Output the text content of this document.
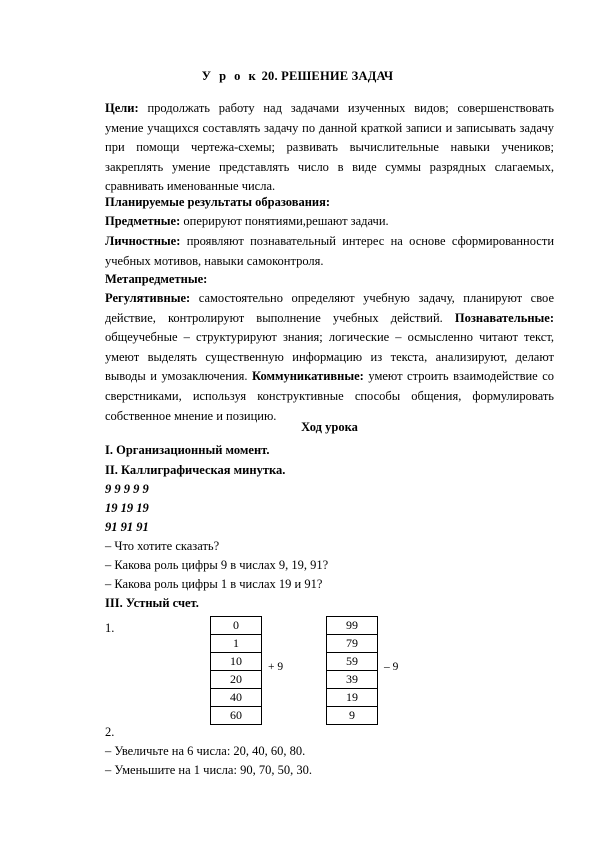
У р о к 20. РЕШЕНИЕ ЗАДАЧ
Цели: продолжать работу над задачами изученных видов; совершенствовать умение учащихся составлять задачу по данной краткой записи и записывать задачу при помощи чертежа-схемы; развивать вычислительные навыки учеников; закреплять умение представлять число в виде суммы разрядных слагаемых, сравнивать именованные числа.
Планируемые результаты образования:
Предметные: оперируют понятиями,решают задачи.
Личностные: проявляют познавательный интерес на основе сформированности учебных мотивов, навыки самоконтроля.
Метапредметные:
Регулятивные: самостоятельно определяют учебную задачу, планируют свое действие, контролируют выполнение учебных действий. Познавательные: общеучебные – структурируют знания; логические – осмысленно читают текст, умеют выделять существенную информацию из текста, анализируют, делают выводы и умозаключения. Коммуникативные: умеют строить взаимодействие со сверстниками, используя конструктивные способы общения, формулировать собственное мнение и позицию.
Ход урока
I. Организационный момент.
II. Каллиграфическая минутка.
9 9 9 9 9
19 19 19
91 91 91
– Что хотите сказать?
– Какова роль цифры 9 в числах 9, 19, 91?
– Какова роль цифры 1 в числах 19 и 91?
III. Устный счет.
1.	0
1
10
20
40
60
+ 9
99
79
59
39
19
9
– 9
2.
– Увеличьте на 6 числа: 20, 40, 60, 80.
– Уменьшите на 1 числа: 90, 70, 50, 30.
